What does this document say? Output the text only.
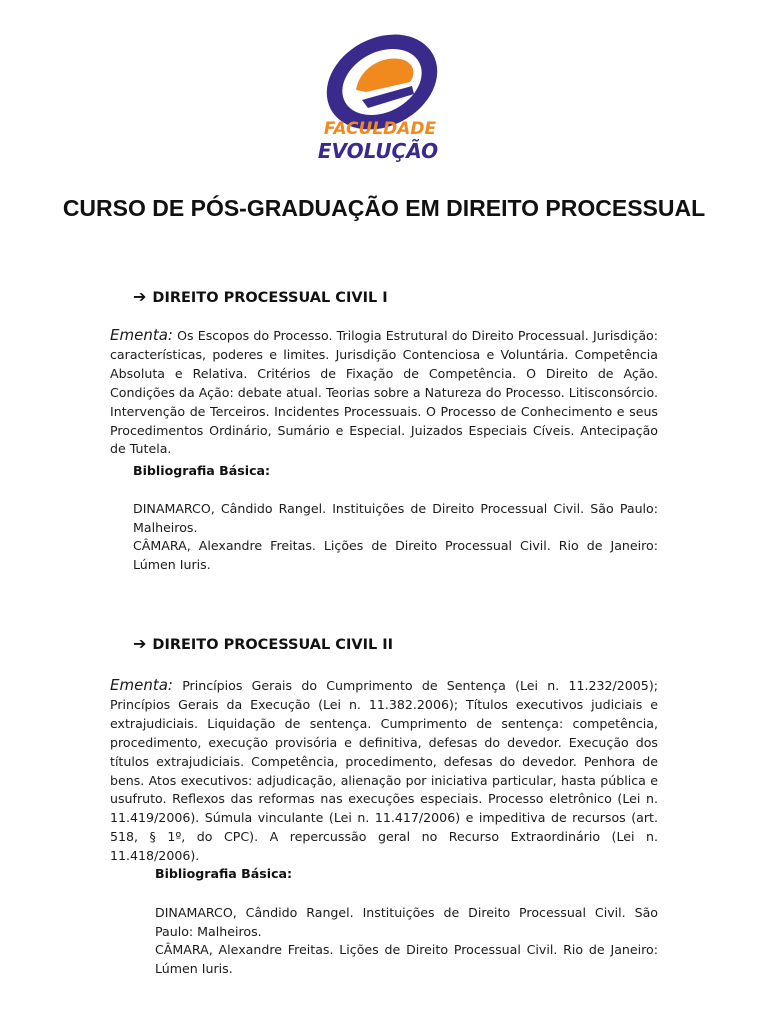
FACULDADE
EVOLUÇÃO
CURSO DE PÓS-GRADUAÇÃO EM DIREITO PROCESSUAL
➔ DIREITO PROCESSUAL CIVIL I
Ementa: Os Escopos do Processo. Trilogia Estrutural do Direito Processual. Jurisdição: características, poderes e limites. Jurisdição Contenciosa e Voluntária. Competência Absoluta e Relativa. Critérios de Fixação de Competência. O Direito de Ação. Condições da Ação: debate atual. Teorias sobre a Natureza do Processo. Litisconsórcio. Intervenção de Terceiros. Incidentes Processuais. O Processo de Conhecimento e seus Procedimentos Ordinário, Sumário e Especial. Juizados Especiais Cíveis. Antecipação de Tutela.
Bibliografia Básica:

DINAMARCO, Cândido Rangel. Instituições de Direito Processual Civil. São Paulo: Malheiros.

CÂMARA, Alexandre Freitas. Lições de Direito Processual Civil. Rio de Janeiro: Lúmen Iuris.

➔ DIREITO PROCESSUAL CIVIL II
Ementa: Princípios Gerais do Cumprimento de Sentença (Lei n. 11.232/2005); Princípios Gerais da Execução (Lei n. 11.382.2006); Títulos executivos judiciais e extrajudiciais. Liquidação de sentença. Cumprimento de sentença: competência, procedimento, execução provisória e definitiva, defesas do devedor. Execução dos títulos extrajudiciais. Competência, procedimento, defesas do devedor. Penhora de bens. Atos executivos: adjudicação, alienação por iniciativa particular, hasta pública e usufruto. Reflexos das reformas nas execuções especiais. Processo eletrônico (Lei n. 11.419/2006). Súmula vinculante (Lei n. 11.417/2006) e impeditiva de recursos (art. 518, § 1º, do CPC). A repercussão geral no Recurso Extraordinário (Lei n. 11.418/2006).
Bibliografia Básica:

DINAMARCO, Cândido Rangel. Instituições de Direito Processual Civil. São Paulo: Malheiros.

CÂMARA, Alexandre Freitas. Lições de Direito Processual Civil. Rio de Janeiro: Lúmen Iuris.
